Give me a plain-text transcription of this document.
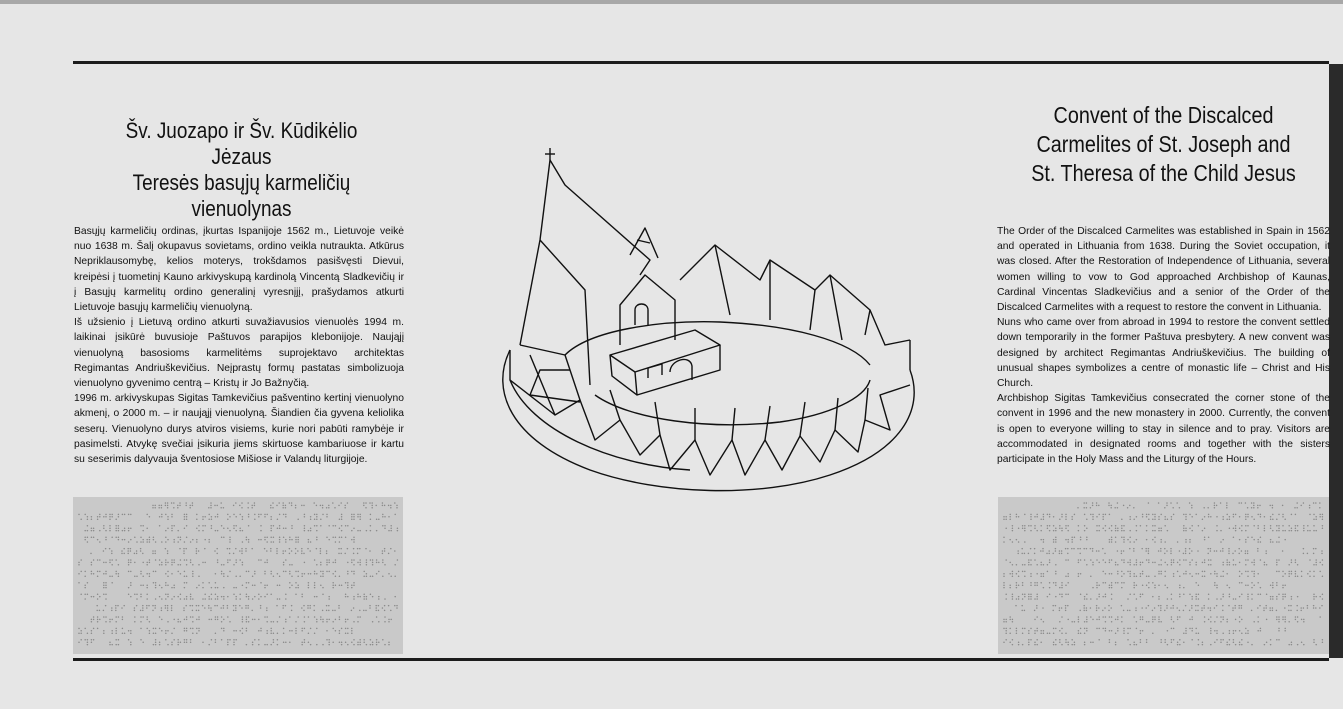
Šv. Juozapo ir Šv. Kūdikėlio Jėzaus
Teresės basųjų karmeličių vienuolynas

Basųjų karmeličių ordinas, įkurtas Ispanijoje 1562 m., Lietuvoje veikė nuo 1638 m. Šalį okupavus sovietams, ordino veikla nutraukta. Atkūrus Nepriklausomybę, kelios moterys, trokšdamos pasišvęsti Dievui, kreipėsi į tuometinį Kauno arkivyskupą kardinolą Vincentą Sladkevičių ir į Basųjų karmelitų ordino generalinį vyresnįjį, prašydamos atkurti Lietuvoje basųjų karmeličių vienuolyną.

Iš užsienio į Lietuvą ordino atkurti suvažiavusios vienuolės 1994 m. laikinai įsikūrė buvusioje Paštuvos parapijos klebonijoje. Naująjį vienuolyną basosioms karmelitėms suprojektavo architektas Regimantas Andriuškevičius. Neįprastų formų pastatas simbolizuoja vienuolyno gyvenimo centrą – Kristų ir Jo Bažnyčią.

1996 m. arkivyskupas Sigitas Tamkevičius pašventino kertinį vienuolyno akmenį, o 2000 m. – ir naująjį vienuolyną. Šiandien čia gyvena keliolika seserų. Vienuolyno durys atviros visiems, kurie nori pabūti ramybėje ir pasimelsti. Atvykę svečiai įsikuria jiems skirtuose kambariuose ir kartu su seserimis dalyvauja šventosiose Mišiose ir Valandų liturgijoje.

Convent of the Discalced
Carmelites of St. Joseph and
St. Theresa of the Child Jesus

The Order of the Discalced Carmelites was established in Spain in 1562 and operated in Lithuania from 1638. During the Soviet occupation, it was closed. After the Restoration of Independence of Lithuania, several women willing to vow to God approached Archbishop of Kaunas, Cardinal Vincentas Sladkevičius and a senior of the Order of the Discalced Carmelites with a request to restore the convent in Lithuania.

Nuns who came over from abroad in 1994 to restore the convent settled down temporarily in the former Paštuva presbytery. A new convent was designed by architect Regimantas Andriuškevičius. The building of unusual shapes symbolizes a centre of monastic life – Christ and His Church.

Archbishop Sigitas Tamkevičius consecrated the corner stone of the convent in 1996 and the new monastery in 2000. Currently, the convent is open to everyone willing to stay in silence and to pray. Visitors are accommodated in designated rooms and together with the sisters participate in the Holy Mass and the Liturgy of the Hours.
